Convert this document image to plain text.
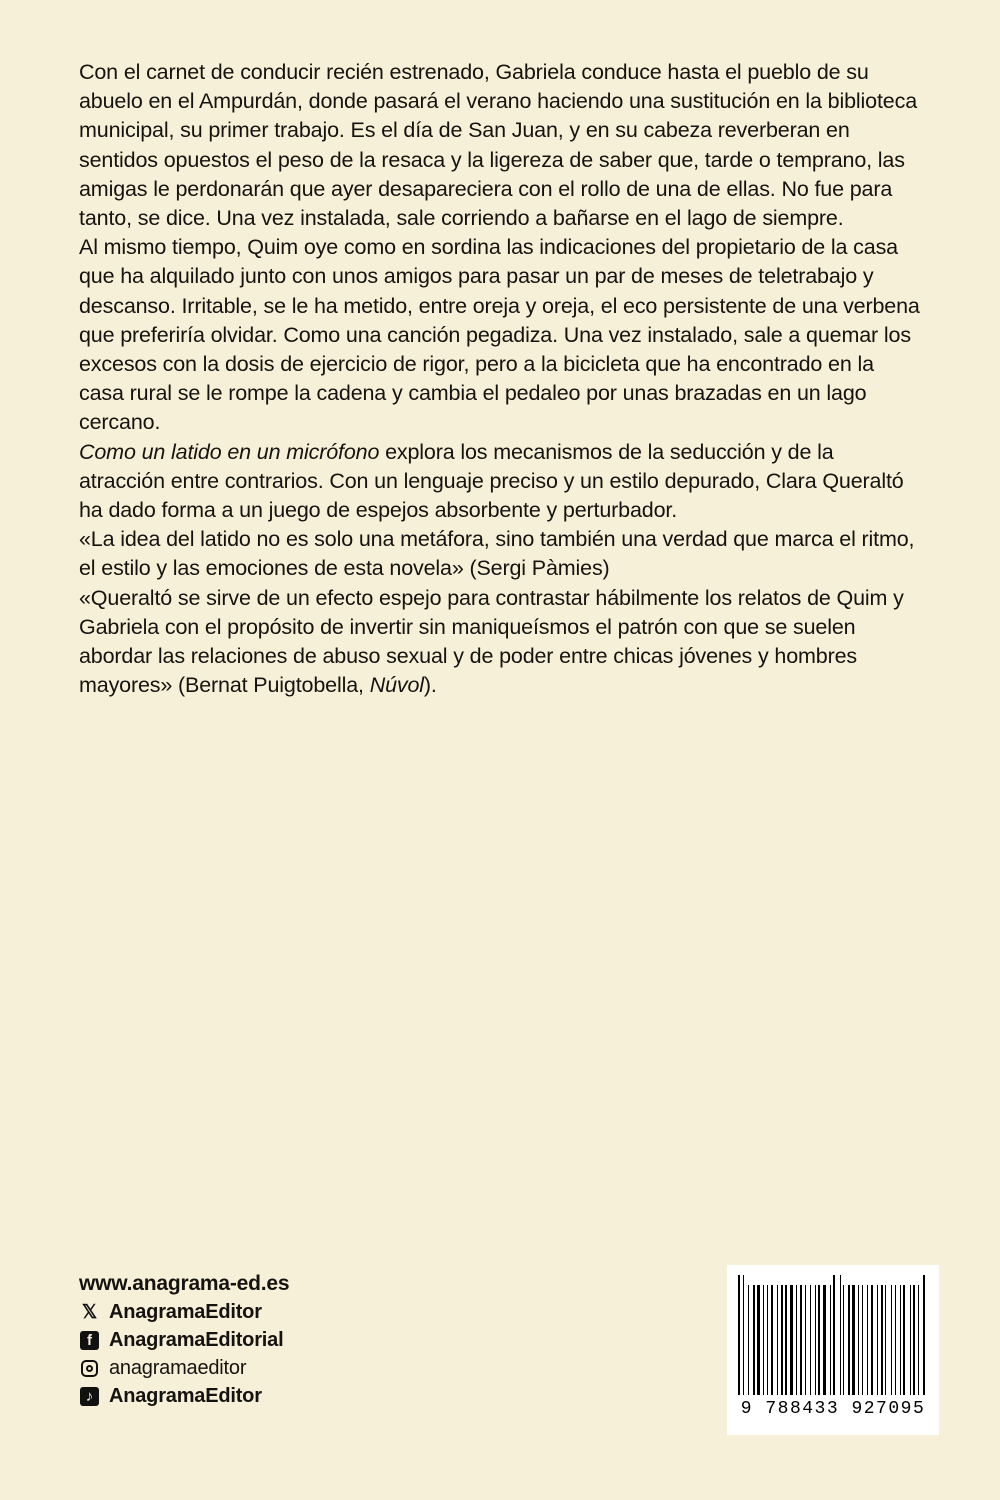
Con el carnet de conducir recién estrenado, Gabriela conduce hasta el pueblo de su abuelo en el Ampurdán, donde pasará el verano haciendo una sustitución en la biblioteca municipal, su primer trabajo. Es el día de San Juan, y en su cabeza reverberan en sentidos opuestos el peso de la resaca y la ligereza de saber que, tarde o temprano, las amigas le perdonarán que ayer desapareciera con el rollo de una de ellas. No fue para tanto, se dice. Una vez instalada, sale corriendo a bañarse en el lago de siempre.

Al mismo tiempo, Quim oye como en sordina las indicaciones del propietario de la casa que ha alquilado junto con unos amigos para pasar un par de meses de teletrabajo y descanso. Irritable, se le ha metido, entre oreja y oreja, el eco persistente de una verbena que preferiría olvidar. Como una canción pegadiza. Una vez instalado, sale a quemar los excesos con la dosis de ejercicio de rigor, pero a la bicicleta que ha encontrado en la casa rural se le rompe la cadena y cambia el pedaleo por unas brazadas en un lago cercano.

Como un latido en un micrófono explora los mecanismos de la seducción y de la atracción entre contrarios. Con un lenguaje preciso y un estilo depurado, Clara Queraltó ha dado forma a un juego de espejos absorbente y perturbador.

«La idea del latido no es solo una metáfora, sino también una verdad que marca el ritmo, el estilo y las emociones de esta novela» (Sergi Pàmies)

«Queraltó se sirve de un efecto espejo para contrastar hábilmente los relatos de Quim y Gabriela con el propósito de invertir sin maniqueísmos el patrón con que se suelen abordar las relaciones de abuso sexual y de poder entre chicas jóvenes y hombres mayores» (Bernat Puigtobella, Núvol).

www.anagrama-ed.es
𝕏 AnagramaEditor
f AnagramaEditorial
anagramaeditor
♪ AnagramaEditor
9 788433 927095
